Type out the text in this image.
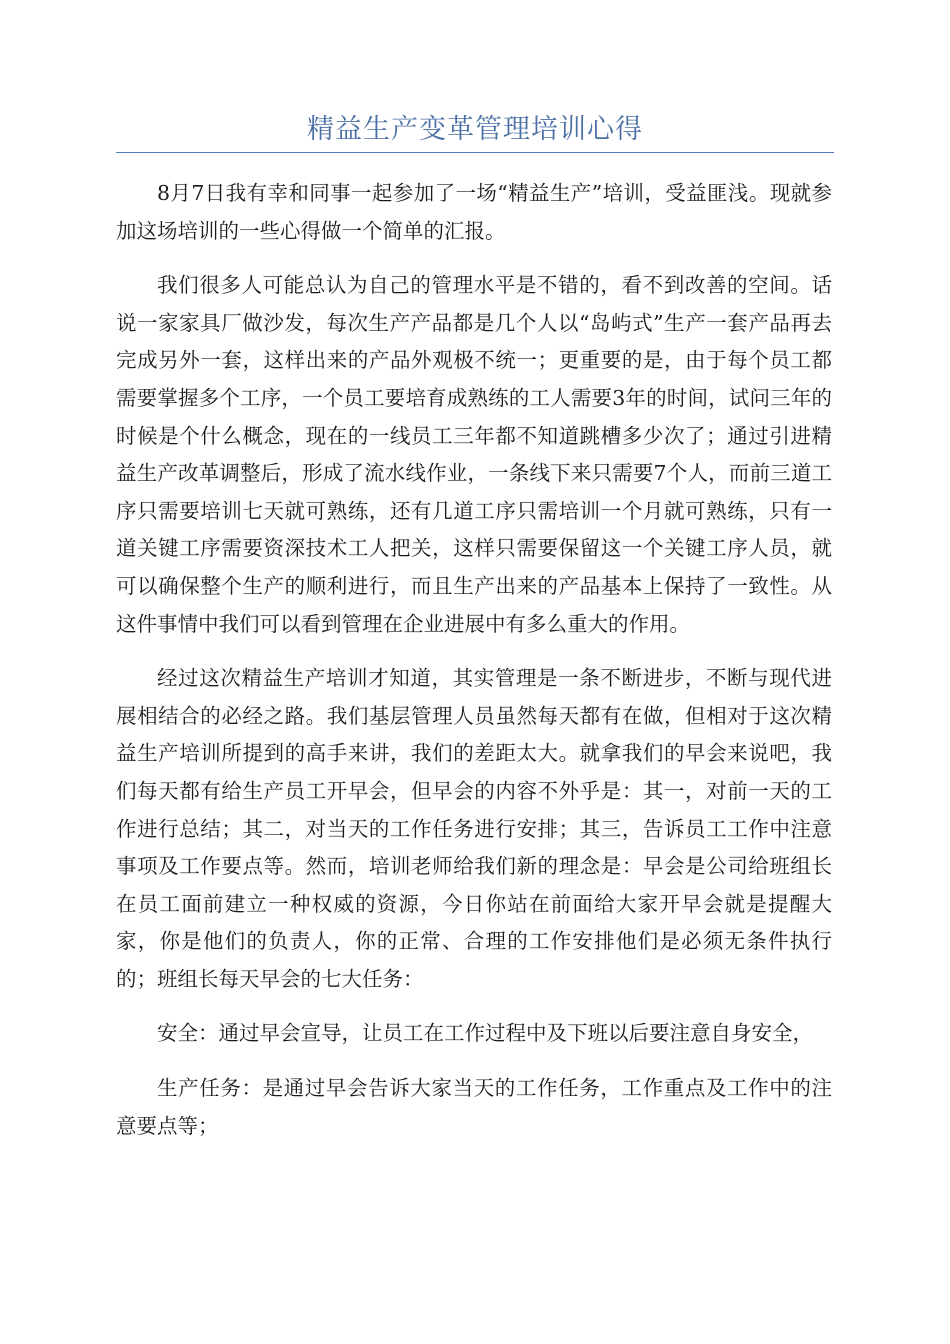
精益生产变革管理培训心得

8月7日我有幸和同事一起参加了一场“精益生产”培训，受益匪浅。现就参加这场培训的一些心得做一个简单的汇报。

我们很多人可能总认为自己的管理水平是不错的，看不到改善的空间。话说一家家具厂做沙发，每次生产产品都是几个人以“岛屿式”生产一套产品再去完成另外一套，这样出来的产品外观极不统一；更重要的是，由于每个员工都需要掌握多个工序，一个员工要培育成熟练的工人需要3年的时间，试问三年的时候是个什么概念，现在的一线员工三年都不知道跳槽多少次了；通过引进精益生产改革调整后，形成了流水线作业，一条线下来只需要7个人，而前三道工序只需要培训七天就可熟练，还有几道工序只需培训一个月就可熟练，只有一道关键工序需要资深技术工人把关，这样只需要保留这一个关键工序人员，就可以确保整个生产的顺利进行，而且生产出来的产品基本上保持了一致性。从这件事情中我们可以看到管理在企业进展中有多么重大的作用。

经过这次精益生产培训才知道，其实管理是一条不断进步，不断与现代进展相结合的必经之路。我们基层管理人员虽然每天都有在做，但相对于这次精益生产培训所提到的高手来讲，我们的差距太大。就拿我们的早会来说吧，我们每天都有给生产员工开早会，但早会的内容不外乎是：其一，对前一天的工作进行总结；其二，对当天的工作任务进行安排；其三，告诉员工工作中注意事项及工作要点等。然而，培训老师给我们新的理念是：早会是公司给班组长在员工面前建立一种权威的资源，今日你站在前面给大家开早会就是提醒大家，你是他们的负责人，你的正常、合理的工作安排他们是必须无条件执行的；班组长每天早会的七大任务：

安全：通过早会宣导，让员工在工作过程中及下班以后要注意自身安全，

生产任务：是通过早会告诉大家当天的工作任务，工作重点及工作中的注意要点等；
